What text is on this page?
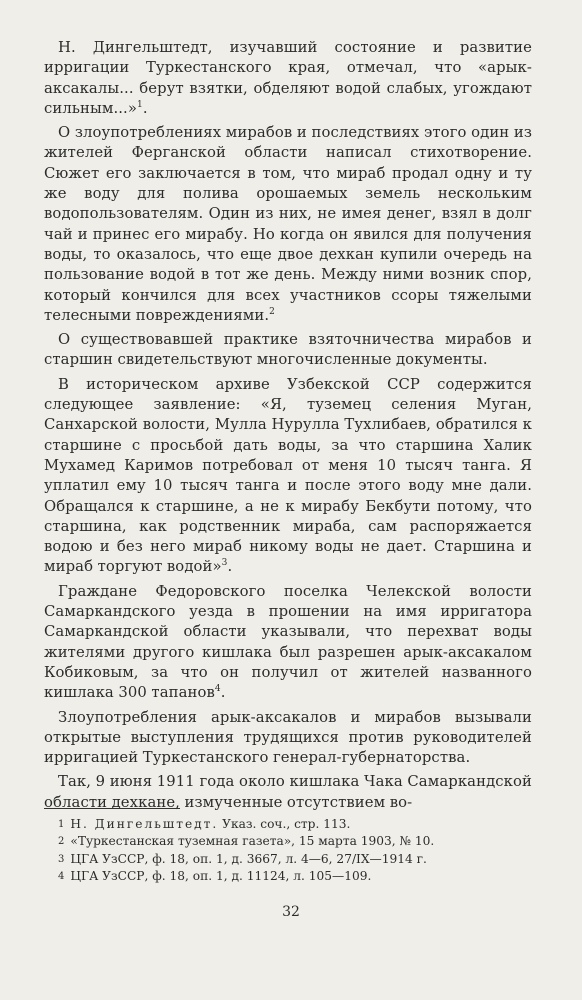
Н. Дингельштедт, изучавший состояние и развитие ирригации Туркестанского края, отмечал, что «арык-аксакалы... берут взятки, обделяют водой слабых, угождают сильным...»$^1$.

О злоупотреблениях мирабов и последствиях этого один из жителей Ферганской области написал стихотворение. Сюжет его заключается в том, что мираб продал одну и ту же воду для полива орошаемых земель нескольким водопользователям. Один из них, не имея денег, взял в долг чай и принес его мирабу. Но когда он явился для получения воды, то оказалось, что еще двое дехкан купили очередь на пользование водой в тот же день. Между ними возник спор, который кончился для всех участников ссоры тяжелыми телесными повреждениями.$^2$

О существовавшей практике взяточничества мирабов и старшин свидетельствуют многочисленные документы.

В историческом архиве Узбекской ССР содержится следующее заявление: «Я, туземец селения Муган, Санхарской волости, Мулла Нурулла Тухлибаев, обратился к старшине с просьбой дать воды, за что старшина Халик Мухамед Каримов потребовал от меня 10 тысяч танга. Я уплатил ему 10 тысяч танга и после этого воду мне дали. Обращался к старшине, а не к мирабу Бекбути потому, что старшина, как родственник мираба, сам распоряжается водою и без него мираб никому воды не дает. Старшина и мираб торгуют водой»$^3$.

Граждане Федоровского поселка Челекской волости Самаркандского уезда в прошении на имя ирригатора Самаркандской области указывали, что перехват воды жителями другого кишлака был разрешен арык-аксакалом Кобиковым, за что он получил от жителей названного кишлака 300 тапанов$^4$.

Злоупотребления арык-аксакалов и мирабов вызывали открытые выступления трудящихся против руководителей ирригацией Туркестанского генерал-губернаторства.

Так, 9 июня 1911 года около кишлака Чака Самаркандской области дехкане, измученные отсутствием во-

1 Н. Дингельштедт. Указ. соч., стр. 113.

2 «Туркестанская туземная газета», 15 марта 1903, № 10.

3 ЦГА УзССР, ф. 18, оп. 1, д. 3667, л. 4—6, 27/IX—1914 г.

4 ЦГА УзССР, ф. 18, оп. 1, д. 11124, л. 105—109.

32
